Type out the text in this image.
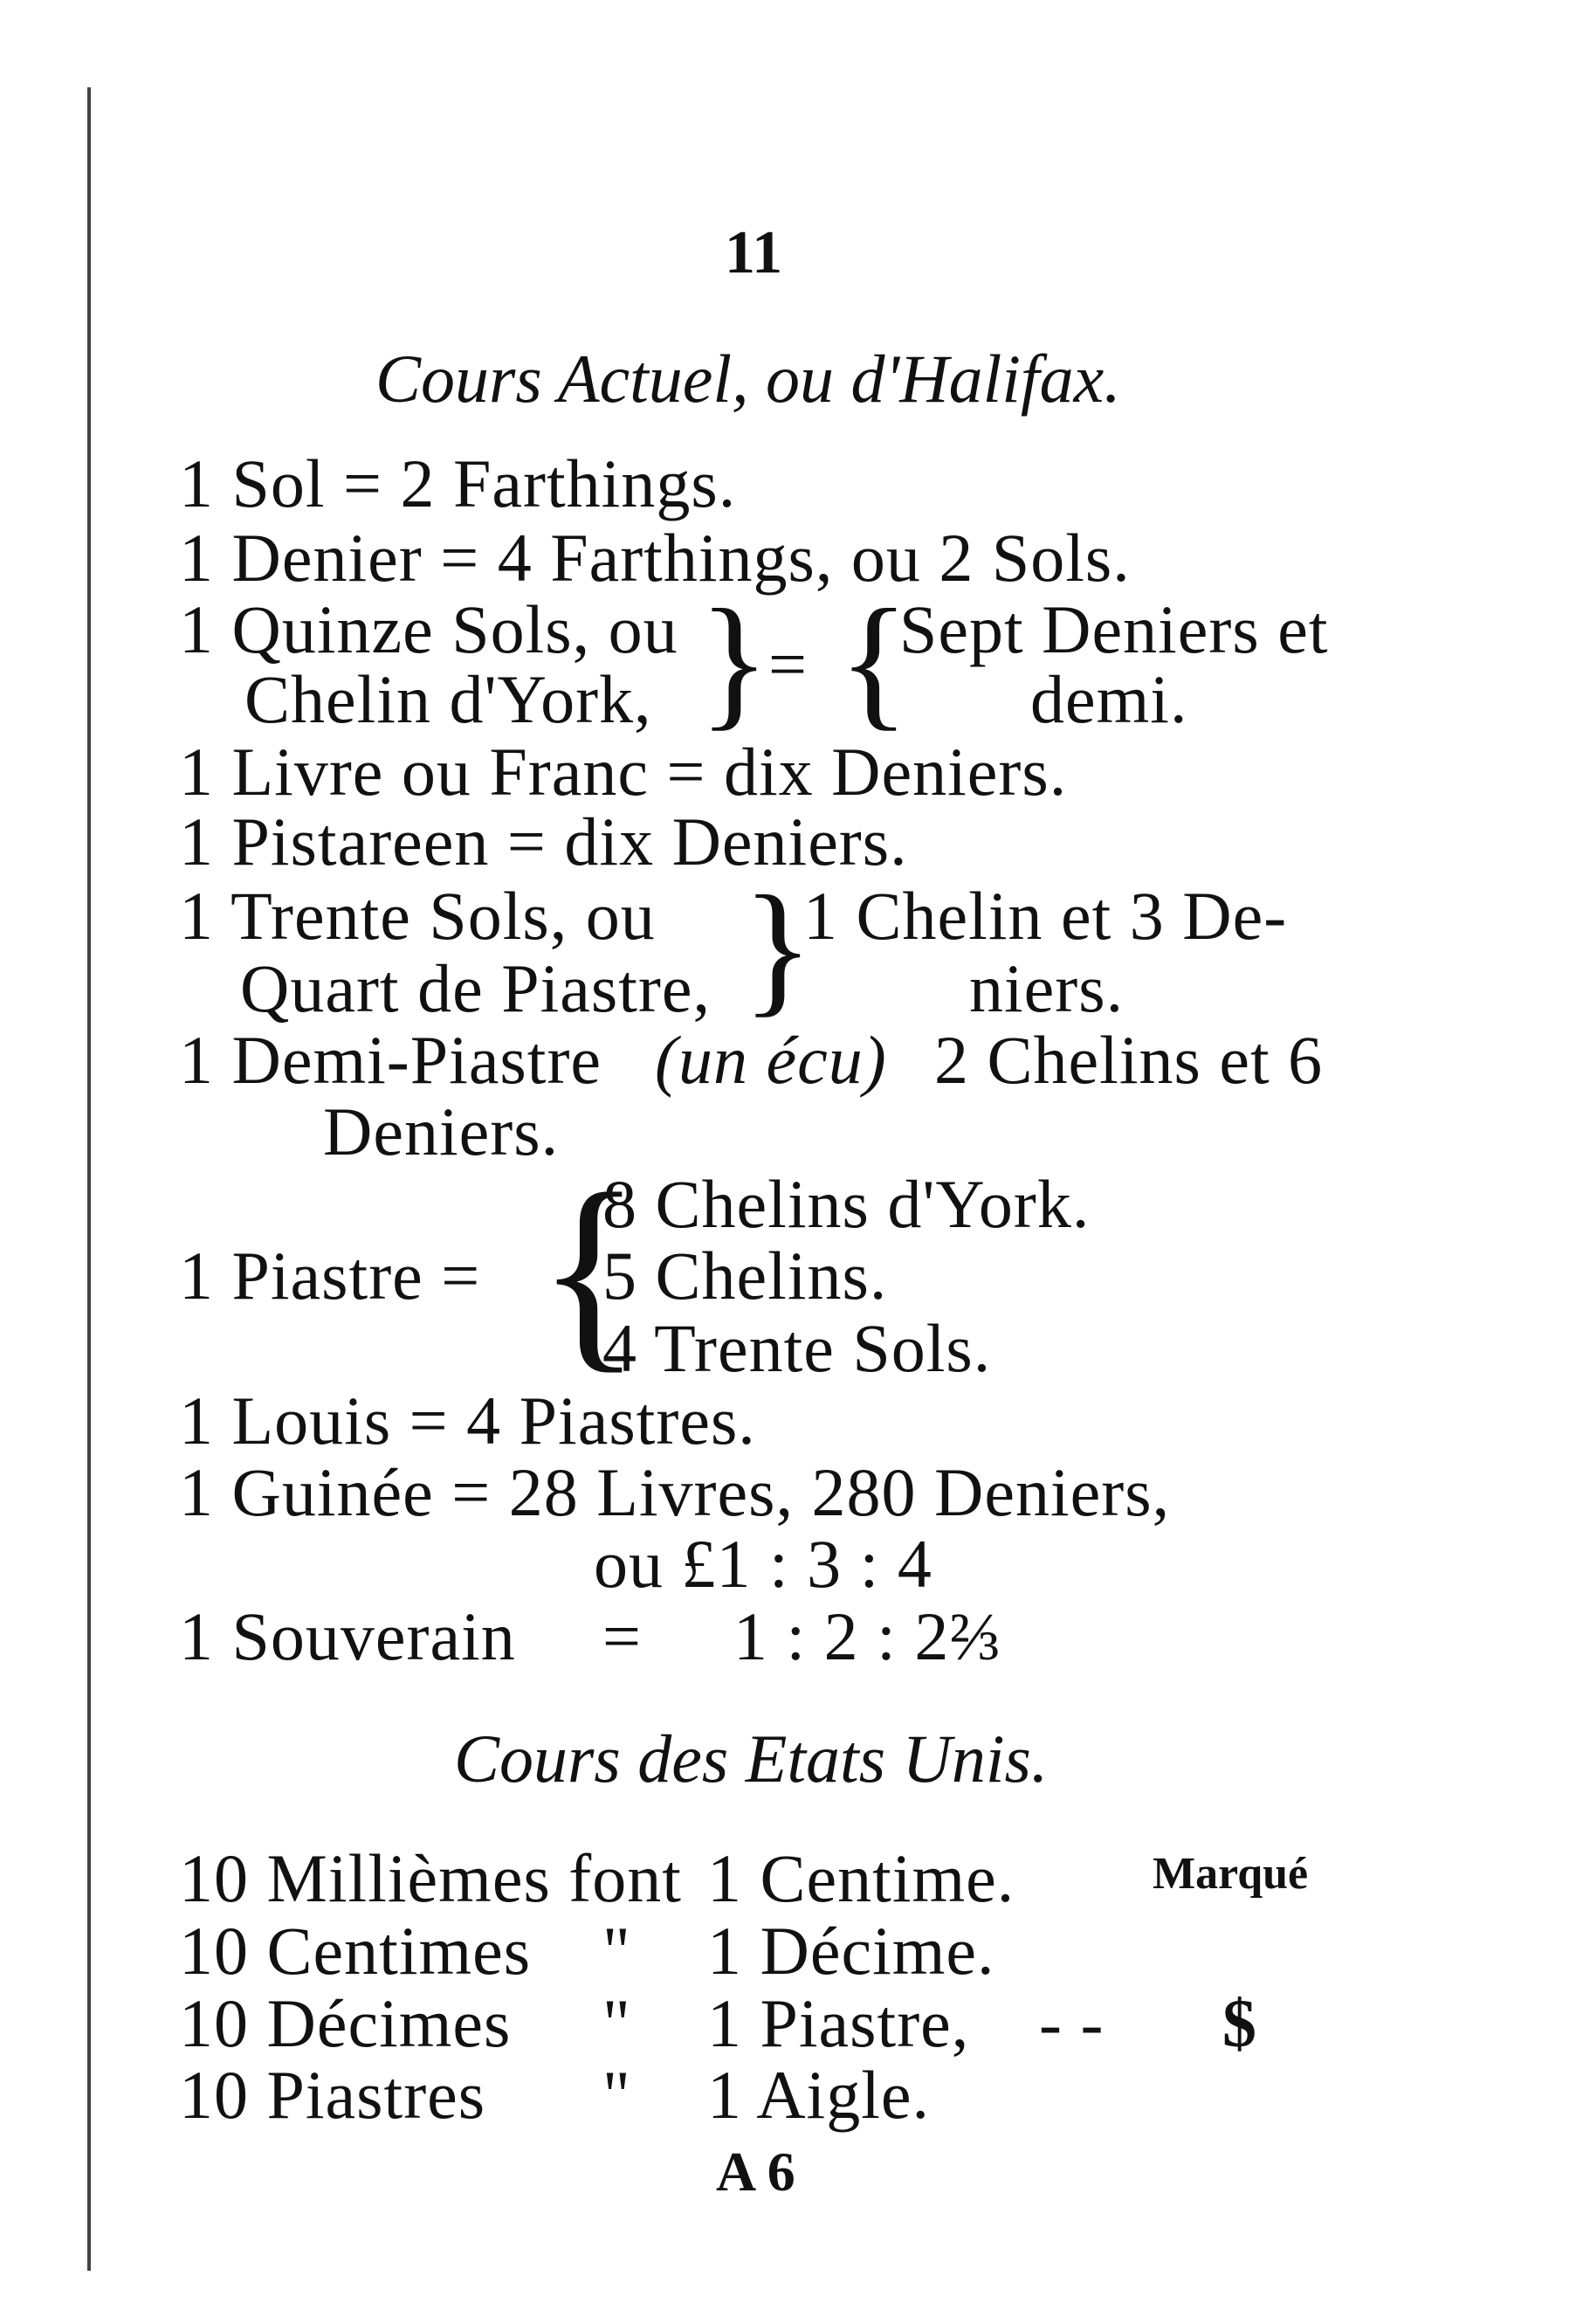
11
Cours Actuel, ou d'Halifax.
1 Sol = 2 Farthings.
1 Denier = 4 Farthings, ou 2 Sols.
1 Quinze Sols, ou
Chelin d'York, }
= {
Sept Deniers et
demi.
1 Livre ou Franc = dix Deniers.
1 Pistareen = dix Deniers.
1 Trente Sols, ou
Quart de Piastre, }
1 Chelin et 3 De-
niers.
1 Demi-Piastre (un écu) 2 Chelins et 6
Deniers.
1 Piastre = {
8 Chelins d'York.
5 Chelins.
4 Trente Sols.
1 Louis = 4 Piastres.
1 Guinée = 28 Livres, 280 Deniers,
ou £1 : 3 : 4
1 Souverain = 1 : 2 : 2⅔
Cours des Etats Unis.
Marqué
10 Millièmes font 1 Centime.
10 Centimes " 1 Décime.
10 Décimes " 1 Piastre, - - $
10 Piastres " 1 Aigle.
A 6
